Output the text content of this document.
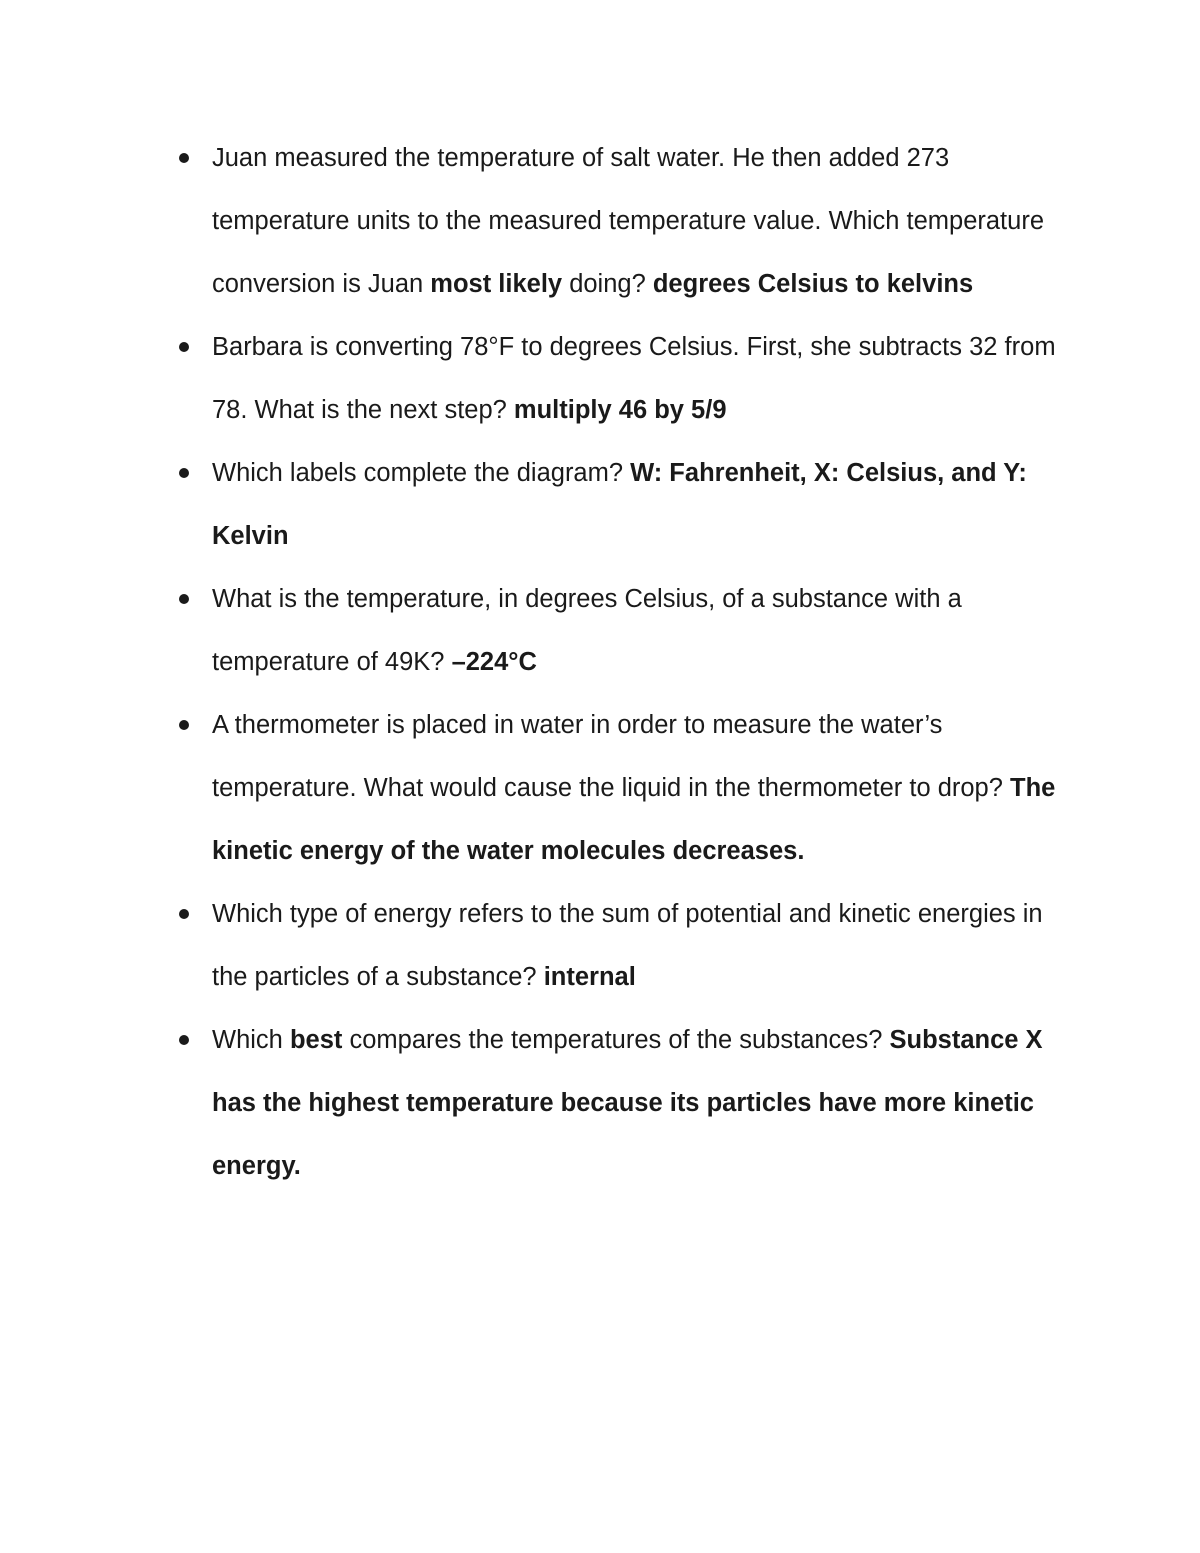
Juan measured the temperature of salt water. He then added 273 temperature units to the measured temperature value. Which temperature conversion is Juan most likely doing? degrees Celsius to kelvins
Barbara is converting 78°F to degrees Celsius. First, she subtracts 32 from 78. What is the next step? multiply 46 by 5/9
Which labels complete the diagram? W: Fahrenheit, X: Celsius, and Y: Kelvin
What is the temperature, in degrees Celsius, of a substance with a temperature of 49K? –224°C
A thermometer is placed in water in order to measure the water’s temperature. What would cause the liquid in the thermometer to drop? The kinetic energy of the water molecules decreases.
Which type of energy refers to the sum of potential and kinetic energies in the particles of a substance? internal
Which best compares the temperatures of the substances? Substance X has the highest temperature because its particles have more kinetic energy.
